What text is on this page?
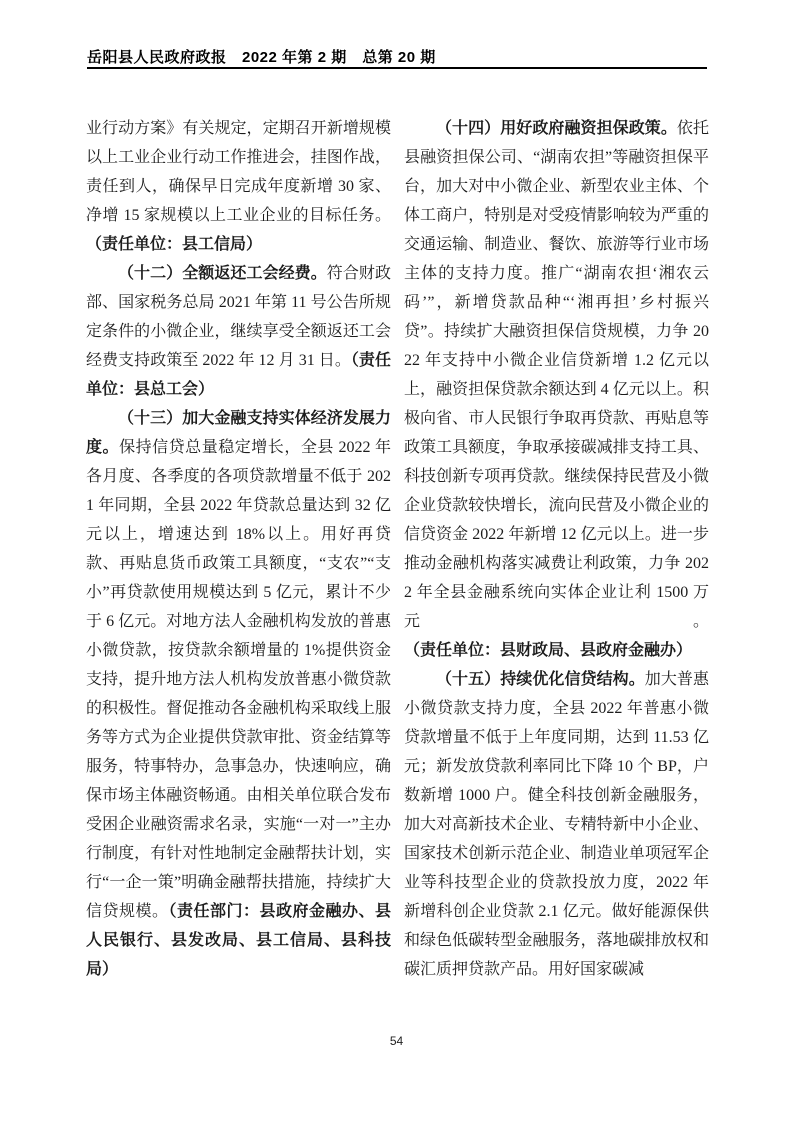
岳阳县人民政府政报　2022 年第 2 期　总第 20 期

业行动方案》有关规定，定期召开新增规模以上工业企业行动工作推进会，挂图作战，责任到人，确保早日完成年度新增 30 家、净增 15 家规模以上工业企业的目标任务。（责任单位：县工信局）

（十二）全额返还工会经费。符合财政部、国家税务总局 2021 年第 11 号公告所规定条件的小微企业，继续享受全额返还工会经费支持政策至 2022 年 12 月 31 日。（责任单位：县总工会）

（十三）加大金融支持实体经济发展力度。保持信贷总量稳定增长，全县 2022 年各月度、各季度的各项贷款增量不低于 2021 年同期，全县 2022 年贷款总量达到 32 亿元以上，增速达到 18%以上。用好再贷款、再贴息货币政策工具额度，“支农”“支小”再贷款使用规模达到 5 亿元，累计不少于 6 亿元。对地方法人金融机构发放的普惠小微贷款，按贷款余额增量的 1%提供资金支持，提升地方法人机构发放普惠小微贷款的积极性。督促推动各金融机构采取线上服务等方式为企业提供贷款审批、资金结算等服务，特事特办，急事急办，快速响应，确保市场主体融资畅通。由相关单位联合发布受困企业融资需求名录，实施“一对一”主办行制度，有针对性地制定金融帮扶计划，实行“一企一策”明确金融帮扶措施，持续扩大信贷规模。（责任部门：县政府金融办、县人民银行、县发改局、县工信局、县科技局）

（十四）用好政府融资担保政策。依托县融资担保公司、“湖南农担”等融资担保平台，加大对中小微企业、新型农业主体、个体工商户，特别是对受疫情影响较为严重的交通运输、制造业、餐饮、旅游等行业市场主体的支持力度。推广“湖南农担‘湘农云码’”，新增贷款品种“‘湘再担’乡村振兴贷”。持续扩大融资担保信贷规模，力争 2022 年支持中小微企业信贷新增 1.2 亿元以上，融资担保贷款余额达到 4 亿元以上。积极向省、市人民银行争取再贷款、再贴息等政策工具额度，争取承接碳减排支持工具、科技创新专项再贷款。继续保持民营及小微企业贷款较快增长，流向民营及小微企业的信贷资金 2022 年新增 12 亿元以上。进一步推动金融机构落实减费让利政策，力争 2022 年全县金融系统向实体企业让利 1500 万元。（责任单位：县财政局、县政府金融办）

（十五）持续优化信贷结构。加大普惠小微贷款支持力度，全县 2022 年普惠小微贷款增量不低于上年度同期，达到 11.53 亿元；新发放贷款利率同比下降 10 个 BP，户数新增 1000 户。健全科技创新金融服务，加大对高新技术企业、专精特新中小企业、国家技术创新示范企业、制造业单项冠军企业等科技型企业的贷款投放力度，2022 年新增科创企业贷款 2.1 亿元。做好能源保供和绿色低碳转型金融服务，落地碳排放权和碳汇质押贷款产品。用好国家碳减

54
